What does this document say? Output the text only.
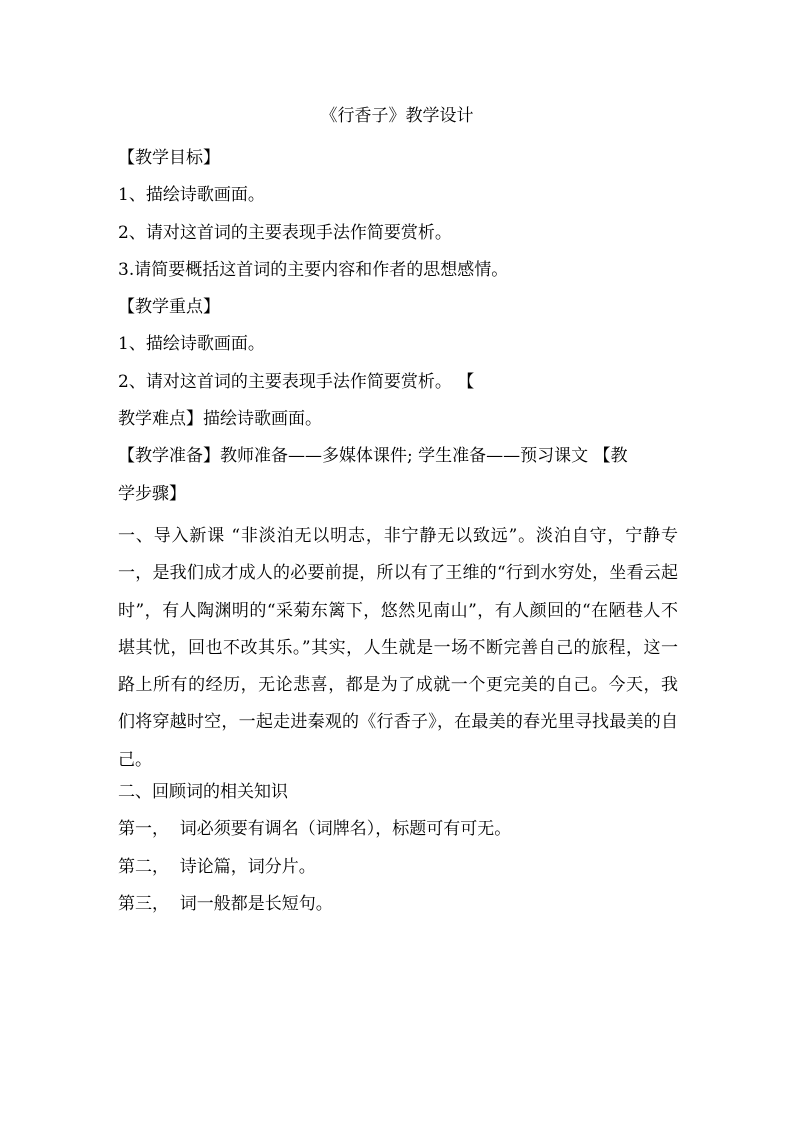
《行香子》教学设计
【教学目标】
1、描绘诗歌画面。
2、请对这首词的主要表现手法作简要赏析。
3.请简要概括这首词的主要内容和作者的思想感情。
【教学重点】
1、描绘诗歌画面。
2、请对这首词的主要表现手法作简要赏析。 【
教学难点】描绘诗歌画面。
【教学准备】教师准备——多媒体课件; 学生准备——预习课文 【教
学步骤】
一、导入新课 “非淡泊无以明志，非宁静无以致远”。淡泊自守，宁静专一，是我们成才成人的必要前提，所以有了王维的“行到水穷处，坐看云起时”，有人陶渊明的“采菊东篱下，悠然见南山”，有人颜回的“在陋巷人不堪其忧，回也不改其乐。”其实，人生就是一场不断完善自己的旅程，这一路上所有的经历，无论悲喜，都是为了成就一个更完美的自己。今天，我们将穿越时空，一起走进秦观的《行香子》，在最美的春光里寻找最美的自己。
二、回顾词的相关知识
第一，  词必须要有调名（词牌名），标题可有可无。
第二，  诗论篇，词分片。
第三，  词一般都是长短句。
